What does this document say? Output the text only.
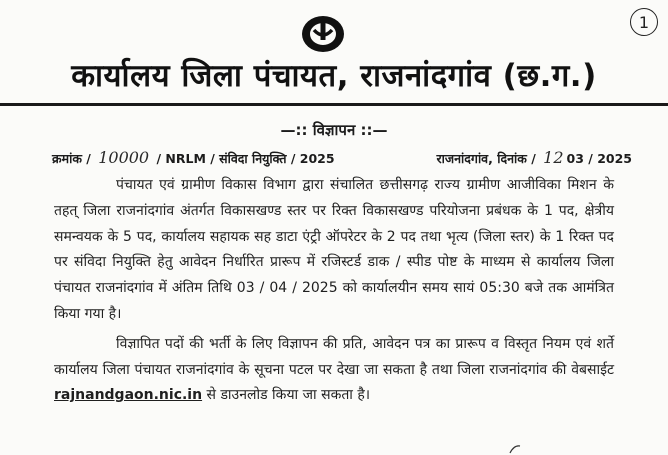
1
कार्यालय जिला पंचायत, राजनांदगांव (छ.ग.)
—:: विज्ञापन ::—
क्रमांक / 10000 / NRLM / संविदा नियुक्ति / 2025	राजनांदगांव, दिनांक / 12 03 / 2025

पंचायत एवं ग्रामीण विकास विभाग द्वारा संचालित छत्तीसगढ़ राज्य ग्रामीण आजीविका मिशन के तहत् जिला राजनांदगांव अंतर्गत विकासखण्ड स्तर पर रिक्त विकासखण्ड परियोजना प्रबंधक के 1 पद, क्षेत्रीय समन्वयक के 5 पद, कार्यालय सहायक सह डाटा एंट्री ऑपरेटर के 2 पद तथा भृत्य (जिला स्तर) के 1 रिक्त पद पर संविदा नियुक्ति हेतु आवेदन निर्धारित प्रारूप में रजिस्टर्ड डाक / स्पीड पोष्ट के माध्यम से कार्यालय जिला पंचायत राजनांदगांव में अंतिम तिथि 03 / 04 / 2025 को कार्यालयीन समय सायं 05:30 बजे तक आमंत्रित किया गया है।

विज्ञापित पदों की भर्ती के लिए विज्ञापन की प्रति, आवेदन पत्र का प्रारूप व विस्तृत नियम एवं शर्ते कार्यालय जिला पंचायत राजनांदगांव के सूचना पटल पर देखा जा सकता है तथा जिला राजनांदगांव की वेबसाईट rajnandgaon.nic.in से डाउनलोड किया जा सकता है।
